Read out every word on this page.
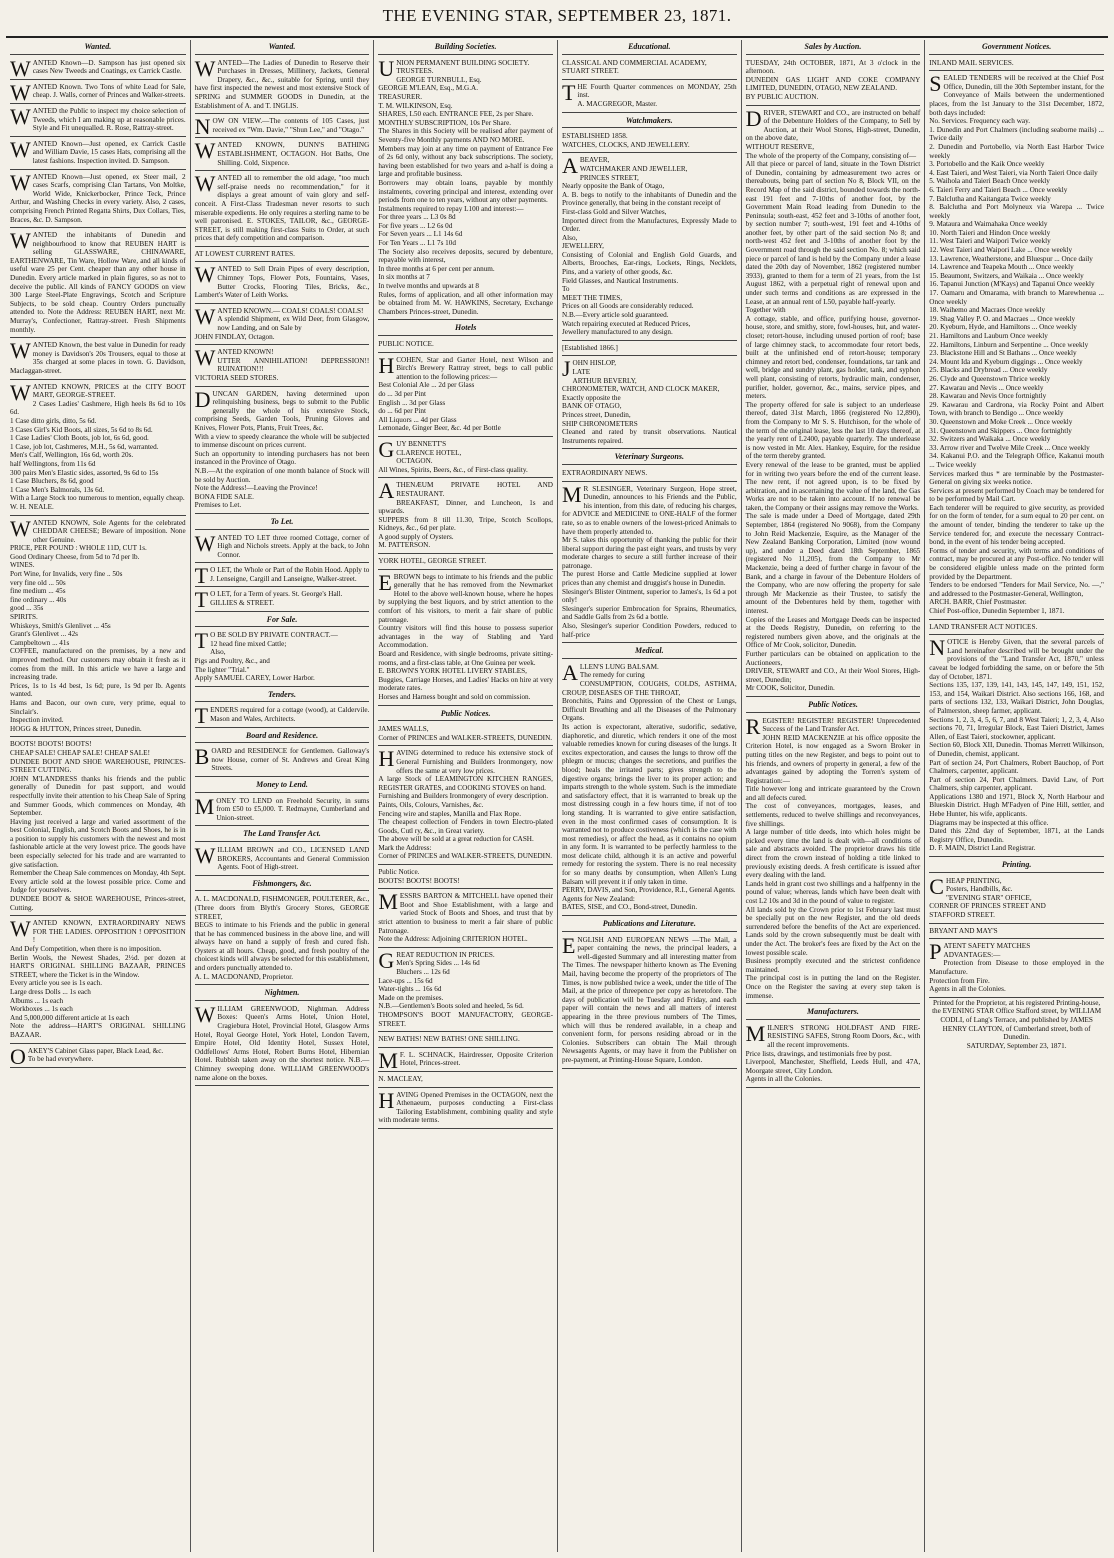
THE EVENING STAR, SEPTEMBER 23, 1871.
Wanted.

WANTED Known—D. Sampson has just opened six cases New Tweeds and Coatings, ex Carrick Castle.

WANTED Known. Two Tons of white Lead for Sale, cheap. J. Walls, corner of Princes and Walker-streets.

WANTED the Public to inspect my choice selection of Tweeds, which I am making up at reasonable prices. Style and Fit unequalled. R. Rose, Rattray-street.

WANTED Known—Just opened, ex Carrick Castle and William Davie, 15 cases Hats, comprising all the latest fashions. Inspection invited. D. Sampson.

WANTED Known—Just opened, ex Steer mail, 2 cases Scarfs, comprising Clan Tartans, Von Moltke, World Wide, Knickerbocker, Prince Teck, Prince Arthur, and Washing Checks in every variety. Also, 2 cases, comprising French Printed Regatta Shirts, Dux Collars, Ties, Braces, &c. D. Sampson.

WANTED the inhabitants of Dunedin and neighbourhood to know that REUBEN HART is selling GLASSWARE, CHINAWARE, EARTHENWARE, Tin Ware, Hollow Ware, and all kinds of useful ware 25 per Cent. cheaper than any other house in Dunedin. Every article marked in plain figures, so as not to deceive the public. All kinds of FANCY GOODS on view 300 Large Steel-Plate Engravings, Scotch and Scripture Subjects, to be sold cheap. Country Orders punctually attended to. Note the Address: REUBEN HART, next Mr. Murray's, Confectioner, Rattray-street. Fresh Shipments monthly.

WANTED Known, the best value in Dunedin for ready money is Davidson's 20s Trousers, equal to those at 35s charged at some places in town. G. Davidson, Maclaggan-street.

WANTED KNOWN, PRICES at the CITY BOOT MART, GEORGE-STREET.

2 Cases Ladies' Cashmere, High heels 8s 6d to 10s 6d.

1 Case ditto girls, ditto, 5s 6d.

3 Cases Girl's Kid Boots, all sizes, 5s 6d to 8s 6d.

1 Case Ladies' Cloth Boots, job lot, 6s 6d, good.

1 Case, job lot, Cashmeres, M.H., 5s 6d, warranted.

Men's Calf, Wellington, 16s 6d, worth 20s.

half Wellingtons, from 11s 6d

300 pairs Men's Elastic sides, assorted, 9s 6d to 15s

1 Case Bluchers, 8s 6d, good

1 Case Men's Balmorals, 13s 6d.

With a Large Stock too numerous to mention, equally cheap.

W. H. NEALE.

WANTED KNOWN, Sole Agents for the celebrated CHEDDAR CHEESE; Beware of imposition. None other Genuine.

PRICE, PER POUND : WHOLE 11D, CUT 1s.

Good Ordinary Cheese, from 5d to 7d per lb.

WINES.

Port Wine, for Invalids, very fine .. 50s

very fine old ... 50s

fine medium ... 45s

fine ordinary ... 40s

good ... 35s

SPIRITS.

Whiskeys, Smith's Glenlivet ... 45s

Grant's Glenlivet ... 42s

Campbeltown ... 41s

COFFEE, manufactured on the premises, by a new and improved method. Our customers may obtain it fresh as it comes from the mill. In this article we have a large and increasing trade.

Prices, 1s to 1s 4d best, 1s 6d; pure, 1s 9d per lb. Agents wanted.

Hams and Bacon, our own cure, very prime, equal to Sinclair's.

Inspection invited.

HOGG & HUTTON, Princes street, Dunedin.

BOOTS! BOOTS! BOOTS!

CHEAP SALE! CHEAP SALE! CHEAP SALE!

DUNDEE BOOT AND SHOE WAREHOUSE, PRINCES-STREET CUTTING.

JOHN M'LANDRESS thanks his friends and the public generally of Dunedin for past support, and would respectfully invite their attention to his Cheap Sale of Spring and Summer Goods, which commences on Monday, 4th September.

Having just received a large and varied assortment of the best Colonial, English, and Scotch Boots and Shoes, he is in a position to supply his customers with the newest and most fashionable article at the very lowest price. The goods have been especially selected for his trade and are warranted to give satisfaction.

Remember the Cheap Sale commences on Monday, 4th Sept. Every article sold at the lowest possible price. Come and Judge for yourselves.

DUNDEE BOOT & SHOE WAREHOUSE, Princes-street, Cutting.

WANTED KNOWN, EXTRAORDINARY NEWS FOR THE LADIES. OPPOSITION ! OPPOSITION !

And Defy Competition, when there is no imposition.

Berlin Wools, the Newest Shades, 2½d. per dozen at HART'S ORIGINAL SHILLING BAZAAR, PRINCES STREET, where the Ticket is in the Window.

Every article you see is 1s each.

Large dress Dolls ... 1s each

Albums ... 1s each

Workboxes ... 1s each

And 5,000,000 different article at 1s each

Note the address—HART'S ORIGINAL SHILLING BAZAAR.

OAKEY'S Cabinet Glass paper, Black Lead, &c.

To be had everywhere.

Wanted.

WANTED—The Ladies of Dunedin to Reserve their Purchases in Dresses, Millinery, Jackets, General Drapery, &c., &c., suitable for Spring, until they have first inspected the newest and most extensive Stock of SPRING and SUMMER GOODS in Dunedin, at the Establishment of A. and T. INGLIS.

NOW ON VIEW.—The contents of 105 Cases, just received ex "Wm. Davie," "Shun Lee," and "Otago."

WANTED KNOWN, DUNN'S BATHING ESTABLISHMENT, OCTAGON. Hot Baths, One Shilling. Cold, Sixpence.

WANTED all to remember the old adage, "too much self-praise needs no recommendation," for it displays a great amount of vain glory and self-conceit. A First-Class Tradesman never resorts to such miserable expedients. He only requires a sterling name to be well patronised. E. STOKES, TAILOR, &c., GEORGE-STREET, is still making first-class Suits to Order, at such prices that defy competition and comparison.

AT LOWEST CURRENT RATES.

WANTED to Sell Drain Pipes of every description, Chimney Tops, Flower Pots, Fountains, Vases, Butter Crocks, Flooring Tiles, Bricks, &c., Lambert's Water of Leith Works.

WANTED KNOWN.— COALS! COALS! COALS!

A splendid Shipment, ex Wild Deer, from Glasgow, now Landing, and on Sale by

JOHN FINDLAY, Octagon.

WANTED KNOWN!

UTTER ANNIHILATION! DEPRESSION!! RUINATION!!!

VICTORIA SEED STORES.

DUNCAN GARDEN, having determined upon relinquishing business, begs to submit to the Public generally the whole of his extensive Stock, comprising Seeds, Garden Tools, Pruning Gloves and Knives, Flower Pots, Plants, Fruit Trees, &c.

With a view to speedy clearance the whole will be subjected to immense discount on prices current.

Such an opportunity to intending purchasers has not been instanced in the Province of Otago.

N.B.—At the expiration of one month balance of Stock will be sold by Auction.

Note the Address!—Leaving the Province!

BONA FIDE SALE.

Premises to Let.

To Let.

WANTED TO LET three roomed Cottage, corner of High and Nichols streets. Apply at the back, to John Connor.

T O LET, the Whole or Part of the Robin Hood. Apply to J. Lenseigne, Cargill and Lanseigne, Walker-street.

T O LET, for a Term of years. St. George's Hall.

GILLIES & STREET.

For Sale.

T O BE SOLD BY PRIVATE CONTRACT.—

12 head fine mixed Cattle;

Also,

Pigs and Poultry, &c., and

The lighter "Trial."

Apply SAMUEL CAREY, Lower Harbor.

Tenders.

TENDERS required for a cottage (wood), at Caldervile. Mason and Wales, Architects.

Board and Residence.

BOARD and RESIDENCE for Gentlemen. Galloway's now House, corner of St. Andrews and Great King Streets.

Money to Lend.

MONEY TO LEND on Freehold Security, in sums from £50 to £5,000. T. Redmayne, Cumberland and Union-street.

The Land Transfer Act.

WILLIAM BROWN and CO., LICENSED LAND BROKERS, Accountants and General Commission Agents. Foot of High-street.

Fishmongers, &c.

A. L. MACDONALD, FISHMONGER, POULTERER, &c., (Three doors from Blyth's Grocery Stores, GEORGE STREET,

BEGS to intimate to his Friends and the public in general that he has commenced business in the above line, and will always have on hand a supply of fresh and cured fish. Oysters at all hours. Cheap, good, and fresh poultry of the choicest kinds will always be selected for this establishment, and orders punctually attended to.

A. L. MACDONAND, Proprietor.

Nightmen.

WILLIAM GREENWOOD, Nightman. Address Boxes: Queen's Arms Hotel, Union Hotel, Cragiebura Hotel, Provincial Hotel, Glasgow Arms Hotel, Royal George Hotel, York Hotel, London Tavern, Empire Hotel, Old Identity Hotel, Sussex Hotel, Oddfellows' Arms Hotel, Robert Burns Hotel, Hibernian Hotel. Rubbish taken away on the shortest notice. N.B.—Chimney sweeping done. WILLIAM GREENWOOD's name alone on the boxes.

Building Societies.

UNION PERMANENT BUILDING SOCIETY.

TRUSTEES.

GEORGE TURNBULL, Esq.

GEORGE M'LEAN, Esq., M.G.A.

TREASURER.

T. M. WILKINSON, Esq.

SHARES, L50 each. ENTRANCE FEE, 2s per Share.

MONTHLY SUBSCRIPTION, 10s Per Share.

The Shares in this Society will be realised after payment of Seventy-five Monthly payments AND NO MORE.

Members may join at any time on payment of Entrance Fee of 2s 6d only, without any back subscriptions. The society, having been established for two years and a-half is doing a large and profitable business.

Borrowers may obtain loans, payable by monthly instalments, covering principal and interest, extending over periods from one to ten years, without any other payments.

Instalments required to repay L100 and interest:—

For three years ... L3 0s 8d

For five years ... L2 6s 0d

For Seven years ... L1 14s 6d

For Ten Years ... L1 7s 10d

The Society also receives deposits, secured by debenture, repayable with interest,

In three months at 6 per cent per annum.

In six months at 7

In twelve months and upwards at 8

Rules, forms of application, and all other information may be obtained from M. W. HAWKINS, Secretary, Exchange Chambers Princes-street, Dunedin.

Hotels

PUBLIC NOTICE.

HCOHEN, Star and Garter Hotel, next Wilson and Birch's Brewery Rattray street, begs to call public attention to the following prices:—

Best Colonial Ale ... 2d per Glass

do ... 3d per Pint

English ... 3d per Glass

do ... 6d per Pint

All Liquors ... 4d per Glass

Lemonade, Ginger Beer, &c. 4d per Bottle

GUY BENNETT'S

CLARENCE HOTEL,

OCTAGON.

All Wines, Spirits, Beers, &c., of First-class quality.

ATHENÆUM PRIVATE HOTEL AND RESTAURANT.

BREAKFAST, Dinner, and Luncheon, 1s and upwards.

SUPPERS from 8 till 11.30, Tripe, Scotch Scollops, Kidneys, &c., 6d per plate.

A good supply of Oysters.

M. PATTERSON.

YORK HOTEL, GEORGE STREET.

EBROWN begs to intimate to his friends and the public generally that he has removed from the Newmarket Hotel to the above well-known house, where he hopes by supplying the best liquors, and by strict attention to the comfort of his visitors, to merit a fair share of public patronage.

Country visitors will find this house to possess superior advantages in the way of Stabling and Yard Accommodation.

Board and Residence, with single bedrooms, private sitting-rooms, and a first-class table, at One Guinea per week.

E. BROWN'S YORK HOTEL LIVERY STABLES,

Buggies, Carriage Horses, and Ladies' Hacks on hire at very moderate rates.

Horses and Harness bought and sold on commission.

Public Notices.

JAMES WALLS,

Corner of PRINCES and WALKER-STREETS, DUNEDIN.

HAVING determined to reduce his extensive stock of General Furnishing and Builders Ironmongery, now offers the same at very low prices.

A large Stock of LEAMINGTON KITCHEN RANGES, REGISTER GRATES, and COOKING STOVES on hand.

Furnishing and Builders Ironmongery of every description.

Paints, Oils, Colours, Varnishes, &c.

Fencing wire and staples, Manilla and Flax Rope.

The cheapest collection of Fenders in town Electro-plated Goods, Cutl ry, &c., in Great variety.

The above will be sold at a great reduction for CASH.

Mark the Address:

Corner of PRINCES and WALKER-STREETS, DUNEDIN.

Public Notice.

BOOTS! BOOTS! BOOTS!

MESSRS BARTON & MITCHELL have opened their Boot and Shoe Establishment, with a large and varied Stock of Boots and Shoes, and trust that by strict attention to business to merit a fair share of public Patronage.

Note the Address: Adjoining CRITERION HOTEL.

GREAT REDUCTION IN PRICES.

Men's Spring Sides ... 14s 6d

Bluchers ... 12s 6d

Lace-ups ... 15s 6d

Water-tights ... 16s 6d

Made on the premises.

N.B.—Gentlemen's Boots soled and heeled, 5s 6d.

THOMPSON'S BOOT MANUFACTORY, GEORGE-STREET.

NEW BATHS! NEW BATHS! ONE SHILLING.

M F. L. SCHNACK, Hairdresser, Opposite Criterion Hotel, Princes-street.

N. MACLEAY,

HAVING Opened Premises in the OCTAGON, next the Athenaeum, purposes conducting a First-class Tailoring Establishment, combining quality and style with moderate terms.

Educational.

CLASSICAL AND COMMERCIAL ACADEMY,

STUART STREET.

THE Fourth Quarter commences on MONDAY, 25th inst.

A. MACGREGOR, Master.

Watchmakers.

ESTABLISHED 1858.

WATCHES, CLOCKS, AND JEWELLERY.

ABEAVER,

WATCHMAKER AND JEWELLER,

PRINCES STREET,

Nearly opposite the Bank of Otago,

A. B. begs to notify to the inhabitants of Dunedin and the Province generally, that being in the constant receipt of

First-class Gold and Silver Watches,

Imported direct from the Manufactures, Expressly Made to Order.

Also,

JEWELLERY,

Consisting of Colonial and English Gold Guards, and Alberts, Brooches, Ear-rings, Lockets, Rings, Necklets, Pins, and a variety of other goods, &c.

Field Glasses, and Nautical Instruments.

To

MEET THE TIMES,

Prices on all Goods are considerably reduced.

N.B.—Every article sold guaranteed.

Watch repairing executed at Reduced Prices,

Jewellery manufactured to any design.

[Established 1866.]

JOHN HISLOP,

LATE

ARTHUR BEVERLY,

CHRONOMETER, WATCH, AND CLOCK MAKER,

Exactly opposite the

BANK OF OTAGO,

Princes street, Dunedin,

SHIP CHRONOMETERS

Cleaned and rated by transit observations. Nautical Instruments repaired.

Veterinary Surgeons.

EXTRAORDINARY NEWS.

M R SLESINGER, Veterinary Surgeon, Hope street, Dunedin, announces to his Friends and the Public, his intention, from this date, of reducing his charges, for ADVICE and MEDICINE to ONE-HALF of the former rate, so as to enable owners of the lowest-priced Animals to have them properly attended to.

Mr S. takes this opportunity of thanking the public for their liberal support during the past eight years, and trusts by very moderate charges to secure a still further increase of their patronage.

The purest Horse and Cattle Medicine supplied at lower prices than any chemist and druggist's house in Dunedin.

Slesinger's Blister Ointment, superior to James's, 1s 6d a pot only!

Slesinger's superior Embrocation for Sprains, Rheumatics, and Saddle Galls from 2s 6d a bottle.

Also, Slesinger's superior Condition Powders, reduced to half-price

Medical.

ALLEN'S LUNG BALSAM.

The remedy for curing

CONSUMPTION, COUGHS, COLDS, ASTHMA, CROUP, DISEASES OF THE THROAT,

Bronchitis, Pains and Oppression of the Chest or Lungs, Difficult Breathing and all the Diseases of the Pulmonary Organs.

Its action is expectorant, alterative, sudorific, sedative, diaphoretic, and diuretic, which renders it one of the most valuable remedies known for curing diseases of the lungs. It excites expectoration, and causes the lungs to throw off the phlegm or mucus; changes the secretions, and purifies the blood; heals the irritated parts; gives strength to the digestive organs; brings the liver to its proper action; and imparts strength to the whole system. Such is the immediate and satisfactory effect, that it is warranted to break up the most distressing cough in a few hours time, if not of too long standing. It is warranted to give entire satisfaction, even in the most confirmed cases of consumption. It is warranted not to produce costiveness (which is the case with most remedies), or affect the head, as it contains no opium in any form. It is warranted to be perfectly harmless to the most delicate child, although it is an active and powerful remedy for restoring the system. There is no real necessity for so many deaths by consumption, when Allen's Lung Balsam will prevent it if only taken in time.

PERRY, DAVIS, and Son, Providence, R.I., General Agents.

Agents for New Zealand:

BATES, SISE, and CO., Bond-street, Dunedin.

Publications and Literature.

ENGLISH AND EUROPEAN NEWS —The Mail, a paper containing the news, the principal leaders, a well-digested Summary and all interesting matter from The Times. The newspaper hitherto known as The Evening Mail, having become the property of the proprietors of The Times, is now published twice a week, under the title of The Mail, at the price of threepence per copy as heretofore. The days of publication will be Tuesday and Friday, and each paper will contain the news and all matters of interest appearing in the three previous numbers of The Times, which will thus be rendered available, in a cheap and convenient form, for persons residing abroad or in the Colonies. Subscribers can obtain The Mail through Newsagents Agents, or may have it from the Publisher on pre-payment, at Printing-House Square, London.

Sales by Auction.

TUESDAY, 24th OCTOBER, 1871, At 3 o'clock in the afternoon.

DUNEDIN GAS LIGHT AND COKE COMPANY LIMITED, DUNEDIN, OTAGO, NEW ZEALAND.

BY PUBLIC AUCTION.

DRIVER, STEWART and CO., are instructed on behalf of the Debenture Holders of the Company, to Sell by Auction, at their Wool Stores, High-street, Dunedin, on the above date,

WITHOUT RESERVE,

The whole of the property of the Company, consisting of—

All that piece or parcel of land, situate in the Town District of Dunedin, containing by admeasurement two acres or thereabouts, being part of section No 8, Block VII, on the Record Map of the said district, bounded towards the north-east 191 feet and 7-10ths of another foot, by the Government Main Road leading from Dunedin to the Peninsula; south-east, 452 feet and 3-10ths of another foot, by section number 7; south-west, 191 feet and 4-10ths of another feet, by other part of the said section No 8; and north-west 452 feet and 3-10ths of another foot by the Government road through the said section No. 8; which said piece or parcel of land is held by the Company under a lease dated the 20th day of November, 1862 (registered number 3933), granted to them for a term of 21 years, from the 1st August 1862, with a perpetual right of renewal upon and under such terms and conditions as are expressed in the Lease, at an annual rent of L50, payable half-yearly.

Together with

A cottage, stable, and office, purifying house, governor-house, store, and smithy, store, fowl-houses, hut, and water-closet; retort-house, including unused portion of roof; base of large chimney stack, to accommodate four retort beds, built at the unfinished end of retort-house; temporary chimney and retort bed, condenser, foundations, tar tank and well, bridge and sundry plant, gas holder, tank, and syphon well plant, consisting of retorts, hydraulic main, condenser, purifier, holder, governor, &c., mains, service pipes, and meters.

The property offered for sale is subject to an underlease thereof, dated 31st March, 1866 (registered No 12,890), from the Company to Mr S. S. Hutchison, for the whole of the term of the original lease, less the last 10 days thereof, at the yearly rent of L2400, payable quarterly. The underlease is now vested in Mr. Alex. Hankey, Esquire, for the residue of the term thereby granted.

Every renewal of the lease to be granted, must be applied for in writing two years before the end of the current lease. The new rent, if not agreed upon, is to be fixed by arbitration, and in ascertaining the value of the land, the Gas Works are not to be taken into account. If no renewal be taken, the Company or their assigns may remove the Works.

The sale is made under a Deed of Mortgage, dated 29th September, 1864 (registered No 9068), from the Company to John Reid Mackenzie, Esquire, as the Manager of the New Zealand Banking Corporation, Limited (now wound up), and under a Deed dated 18th September, 1865 (registered No 11,205), from the Company to Mr Mackenzie, being a deed of further charge in favour of the Bank, and a charge in favour of the Debenture Holders of the Company, who are now offering the property for sale through Mr Mackenzie as their Trustee, to satisfy the amount of the Debentures held by them, together with interest.

Copies of the Leases and Mortgage Deeds can be inspected at the Deeds Registry, Dunedin, on referring to the registered numbers given above, and the originals at the Office of Mr Cook, solicitor, Dunedin.

Further particulars can be obtained on application to the Auctioneers,

DRIVER, STEWART and CO., At their Wool Stores, High-street, Dunedin;

Mr COOK, Solicitor, Dunedin.

Public Notices.

REGISTER! REGISTER! REGISTER! Unprecedented Success of the Land Transfer Act.

JOHN REID MACKENZIE at his office opposite the Criterion Hotel, is now engaged as a Sworn Broker in putting titles on the new Register, and begs to point out to his friends, and owners of property in general, a few of the advantages gained by adopting the Torren's system of Registration:—

Title however long and intricate guaranteed by the Crown and all defects cured.

The cost of conveyances, mortgages, leases, and settlements, reduced to twelve shillings and reconveyances, five shillings.

A large number of title deeds, into which holes might be picked every time the land is dealt with—all conditions of sale and abstracts avoided. The proprietor draws his title direct from the crown instead of holding a title linked to previously existing deeds. A fresh certificate is issued after every dealing with the land.

Lands held in grant cost two shillings and a halfpenny in the pound of value; whereas, lands which have been dealt with cost L2 10s and 3d in the pound of value to register.

All lands sold by the Crown prior to 1st February last must be specially put on the new Register, and the old deeds surrendered before the benefits of the Act are experienced. Lands sold by the crown subsequently must be dealt with under the Act. The broker's fees are fixed by the Act on the lowest possible scale.

Business promptly executed and the strictest confidence maintained.

The principal cost is in putting the land on the Register. Once on the Register the saving at every step taken is immense.

Manufacturers.

MILNER'S STRONG HOLDFAST AND FIRE-RESISTING SAFES, Strong Room Doors, &c., with all the recent improvements.

Price lists, drawings, and testimonials free by post.

Liverpool, Manchester, Sheffield, Leeds Hull, and 47A, Moorgate street, City London.

Agents in all the Colonies.

Government Notices.

INLAND MAIL SERVICES.

SEALED TENDERS will be received at the Chief Post Office, Dunedin, till the 30th September instant, for the Conveyance of Mails between the undermentioned places, from the 1st January to the 31st December, 1872, both days included:

No. Services. Frequency each way.

1. Dunedin and Port Chalmers (including seaborne mails) ... Twice daily

2. Dunedin and Portobello, via North East Harbor Twice weekly

3. Portobello and the Kaik Once weekly

4. East Taieri, and West Taieri, via North Taieri Once daily

5. Waihola and Taieri Beach Once weekly

6. Taieri Ferry and Taieri Beach ... Once weekly

7. Balclutha and Kaitangata Twice weekly

8. Balclutha and Port Molyneux via Warepa ... Twice weekly

9. Mataura and Waimahaka Once weekly

10. North Taieri and Hindon Once weekly

11. West Taieri and Waipori Twice weekly

12. West Taieri and Waipori Lake ... Once weekly

13. Lawrence, Weatherstone, and Bluespur ... Once daily

14. Lawrence and Teapeka Mouth ... Once weekly

15. Beaumont, Switzers, and Waikaia ... Once weekly

16. Tapanui Junction (M'Kays) and Tapanui Once weekly

17. Oamaru and Omarama, with branch to Marewhenua ... Once weekly

18. Waihemo and Macraes Once weekly

19. Shag Valley P. O. and Macraes ... Once weekly

20. Kyeburn, Hyde, and Hamiltons ... Once weekly

21. Hamiltons and Lauburn Once weekly

22. Hamiltons, Linburn and Serpentine ... Once weekly

23. Blackstone Hill and St Bathans ... Once weekly

24. Mount Ida and Kyeburn diggings ... Once weekly

25. Blacks and Drybread ... Once weekly

26. Clyde and Queenstown Thrice weekly

27. Kawarau and Nevis ... Once weekly

28. Kawarau and Nevis Once fortnightly

29. Kawarau and Cardrona, via Rocky Point and Albert Town, with branch to Bendigo ... Once weekly

30. Queenstown and Moke Creek ... Once weekly

31. Queenstown and Skippers ... Once fortnightly

32. Switzers and Waikaka ... Once weekly

33. Arrow river and Twelve Mile Creek ... Once weekly

34. Kakanui P.O. and the Telegraph Office, Kakanui mouth ... Twice weekly

Services marked thus * are terminable by the Postmaster-General on giving six weeks notice.

Services at present performed by Coach may be tendered for to be performed by Mail Cart.

Each tenderer will be required to give security, as provided for on the form of tender, for a sum equal to 20 per cent. on the amount of tender, binding the tenderer to take up the Service tendered for, and execute the necessary Contract-bond, in the event of his tender being accepted.

Forms of tender and security, with terms and conditions of contract, may be procured at any Post-office. No tender will be considered eligible unless made on the printed form provided by the Department.

Tenders to be endorsed "Tenders for Mail Service, No. —," and addressed to the Postmaster-General, Wellington,

ARCH. BARR, Chief Postmaster.

Chief Post-office, Dunedin September 1, 1871.

LAND TRANSFER ACT NOTICES.

NOTICE is Hereby Given, that the several parcels of Land hereinafter described will be brought under the provisions of the "Land Transfer Act, 1870," unless caveat be lodged forbidding the same, on or before the 5th day of October, 1871.

Sections 135, 137, 139, 141, 143, 145, 147, 149, 151, 152, 153, and 154, Waikari District. Also sections 166, 168, and parts of sections 132, 133, Waikari District, John Douglas, of Palmerston, sheep farmer, applicant.

Sections 1, 2, 3, 4, 5, 6, 7, and 8 West Taieri; 1, 2, 3, 4, Also sections 70, 71, Irregular Block, East Taieri District, James Allen, of East Taieri, stockowner, applicant.

Section 60, Block XII, Dunedin. Thomas Merrett Wilkinson, of Dunedin, chemist, applicant.

Part of section 24, Port Chalmers, Robert Bauchop, of Port Chalmers, carpenter, applicant.

Part of section 24, Port Chalmers. David Law, of Port Chalmers, ship carpenter, applicant.

Applications 1380 and 1971, Block X, North Harbour and Blueskin District. Hugh M'Fadyen of Pine Hill, settler, and Hebe Hunter, his wife, applicants.

Diagrams may be inspected at this office.

Dated this 22nd day of September, 1871, at the Lands Registry Office, Dunedin.

D. F. MAIN, District Land Registrar.

Printing.

CHEAP PRINTING,

Posters, Handbills, &c.

"EVENING STAR" OFFICE,

CORNER OF PRINCES STREET AND

STAFFORD STREET.

BRYANT AND MAY'S

PATENT SAFETY MATCHES

ADVANTAGES:—

Protection from Disease to those employed in the Manufacture.

Protection from Fire.

Agents in all the Colonies.

Printed for the Proprietor, at his registered Printing-house, the EVENING STAR Office Stafford street, by WILLIAM CODLI, of Lang's Terrace, and published by JAMES HENRY CLAYTON, of Cumberland street, both of Dunedin.

SATURDAY, September 23, 1871.
